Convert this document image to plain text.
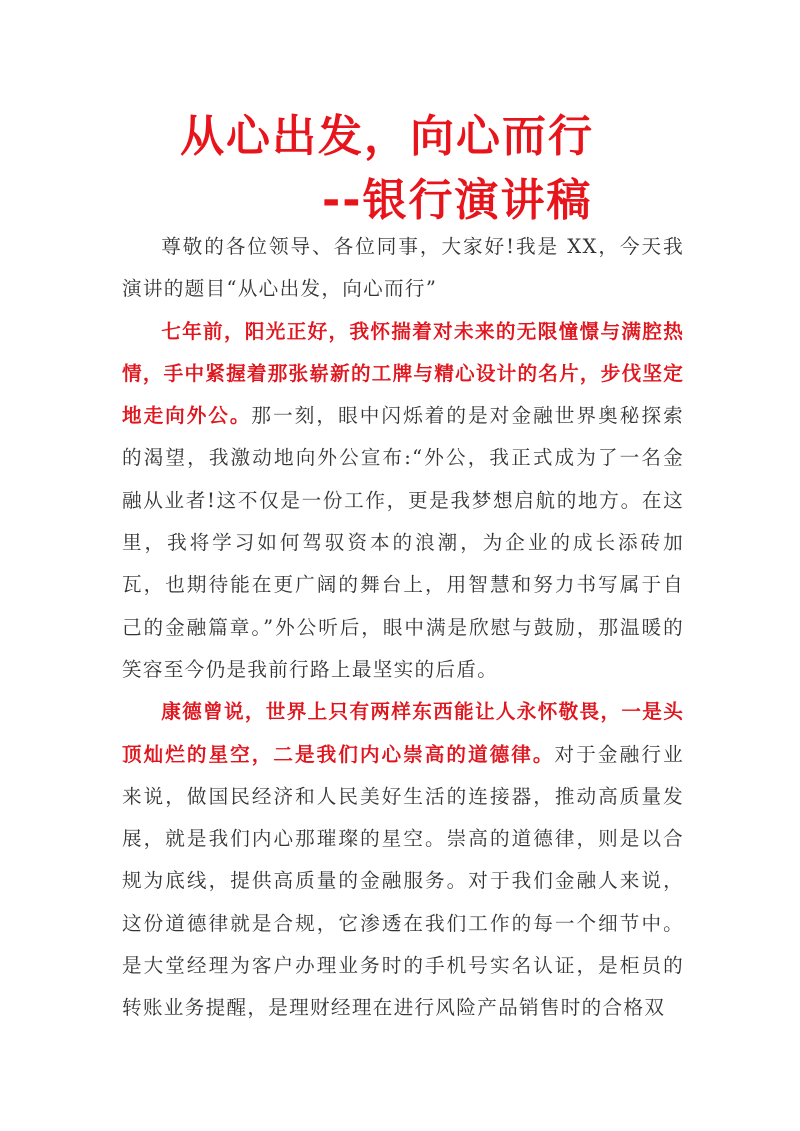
从心出发，向心而行
--银行演讲稿

尊敬的各位领导、各位同事，大家好!我是 XX，今天我演讲的题目“从心出发，向心而行”

七年前，阳光正好，我怀揣着对未来的无限憧憬与满腔热情，手中紧握着那张崭新的工牌与精心设计的名片，步伐坚定地走向外公。那一刻，眼中闪烁着的是对金融世界奥秘探索的渴望，我激动地向外公宣布:“外公，我正式成为了一名金融从业者!这不仅是一份工作，更是我梦想启航的地方。在这里，我将学习如何驾驭资本的浪潮，为企业的成长添砖加瓦，也期待能在更广阔的舞台上，用智慧和努力书写属于自己的金融篇章。”外公听后，眼中满是欣慰与鼓励，那温暖的笑容至今仍是我前行路上最坚实的后盾。

康德曾说，世界上只有两样东西能让人永怀敬畏，一是头顶灿烂的星空，二是我们内心崇高的道德律。对于金融行业来说，做国民经济和人民美好生活的连接器，推动高质量发展，就是我们内心那璀璨的星空。崇高的道德律，则是以合规为底线，提供高质量的金融服务。对于我们金融人来说，这份道德律就是合规，它渗透在我们工作的每一个细节中。是大堂经理为客户办理业务时的手机号实名认证，是柜员的转账业务提醒，是理财经理在进行风险产品销售时的合格双
